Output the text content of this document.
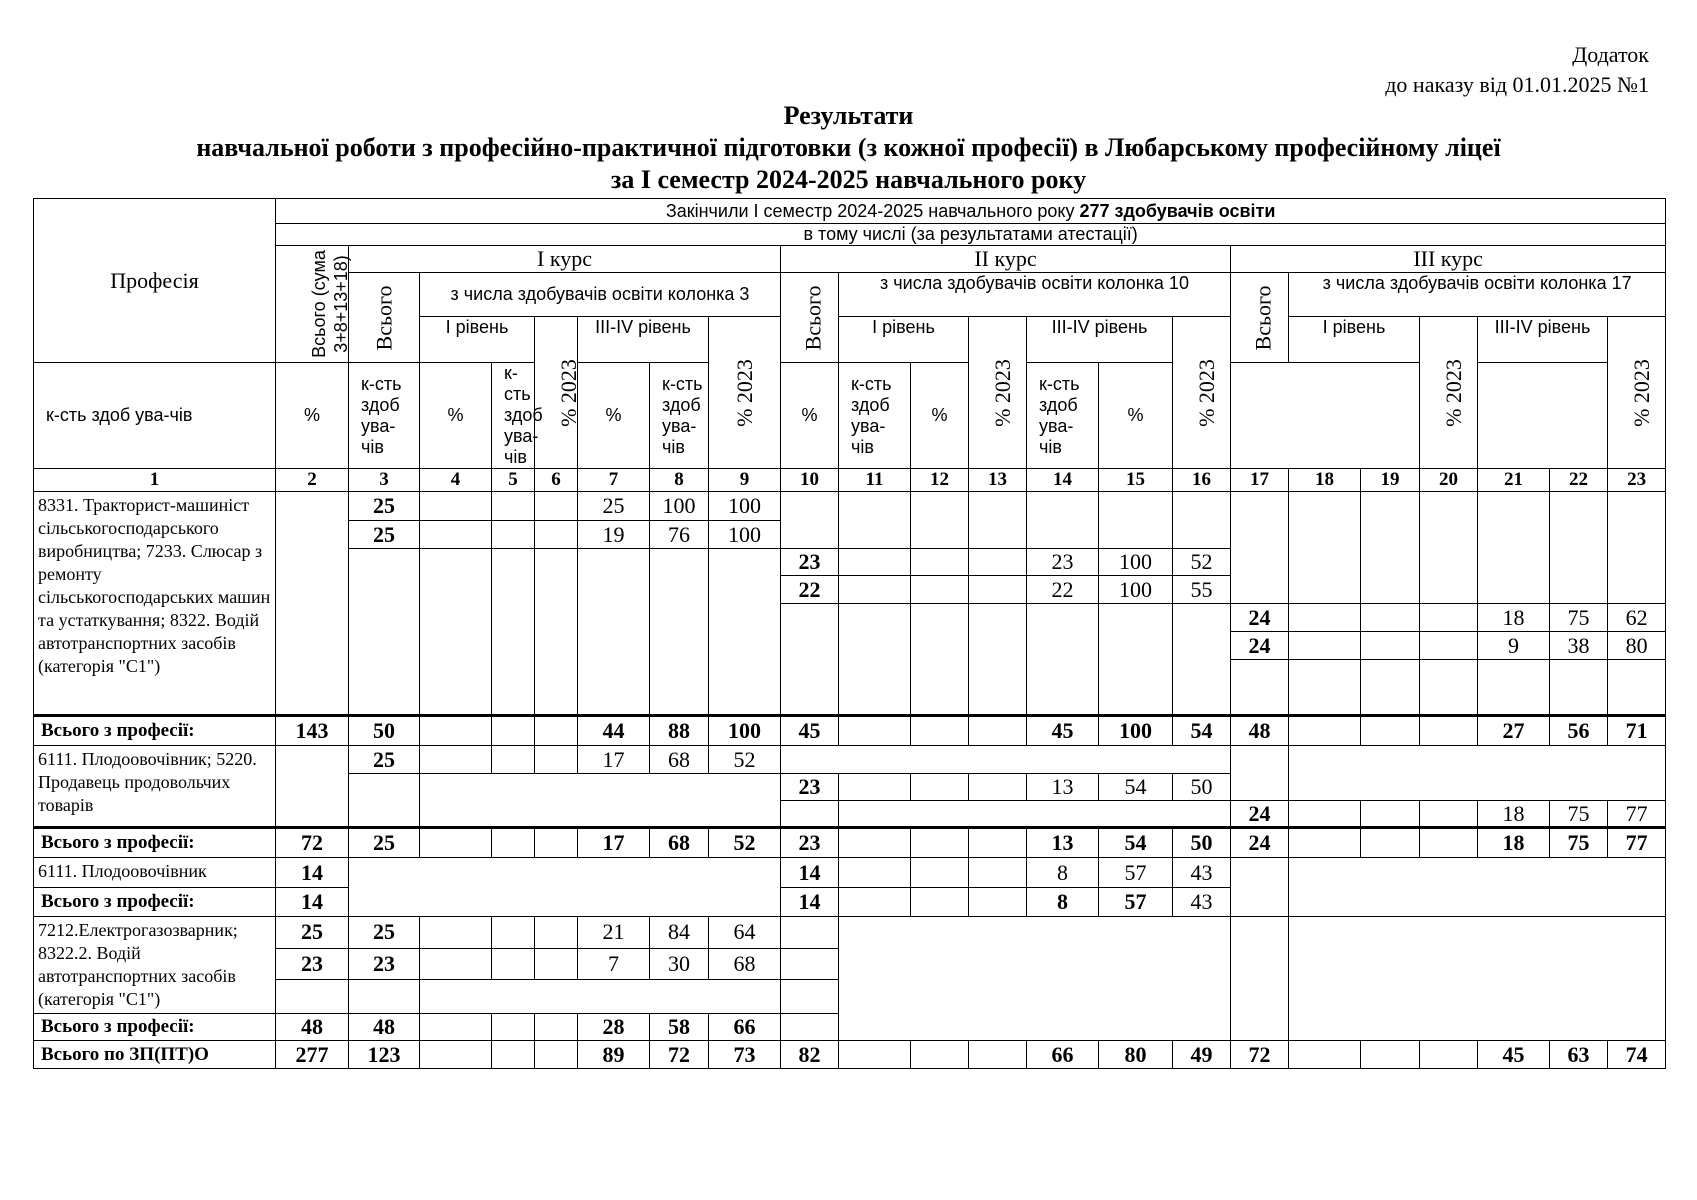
Додаток
до наказу від 01.01.2025 №1
Результати
навчальної роботи з професійно-практичної підготовки (з кожної професії) в Любарському професійному ліцеї
за І семестр 2024-2025 навчального року
Професія	Закінчили І семестр 2024-2025 навчального року 277 здобувачів освіти																					
	в тому числі (за результатами атестації)																					

	Всього (сума 3+8+13+18)	І курс							ІІ курс							ІІІ курс						
		Всього	з числа здобувачів освіти колонка 3						Всього	з числа здобувачів освіти колонка 10						Всього	з числа здобувачів освіти колонка 17					
			І рівень		% 2023	ІІІ-IV рівень		% 2023		І рівень		% 2023	ІІІ-IV рівень		% 2023		І рівень		% 2023	ІІІ-IV рівень		% 2023
к-сть здоб ува-чів	%	к-сть здоб ува-чів	%	к-сть здоб ува-чів		%	к-сть здоб ува-чів		%	к-сть здоб ува-чів	%		к-сть здоб ува-чів	%								
1	2	3	4	5	6	7	8	9	10	11	12	13	14	15	16	17	18	19	20	21	22	23
8331. Тракторист-машиніст сільськогосподарського виробництва; 7233. Слюсар з ремонту сільськогосподарських машин та устаткування; 8322. Водій автотранспортних засобів (категорія "С1")		25				25	100	100														
		25				19	76	100														
									23				23	100	52							
									22				22	100	55							
																24				18	75	62
																24				9	38	80

Всього з професії:	143	50				44	88	100	45				45	100	54	48				27	56	71
6111. Плодоовочівник; 5220. Продавець продовольчих товарів		25				17	68	52														
									23				13	54	50							
																24				18	75	77
Всього з професії:	72	25				17	68	52	23				13	54	50	24				18	75	77
6111. Плодоовочівник	14								14				8	57	43							
Всього з професії:	14								14				8	57	43							
7212.Електрогазозварник; 8322.2. Водій автотранспортних засобів (категорія "С1")	25	25				21	84	64														
	23	23				7	30	68														

Всього з професії:	48	48				28	58	66														
Всього по ЗП(ПТ)О	277	123				89	72	73	82				66	80	49	72				45	63	74
